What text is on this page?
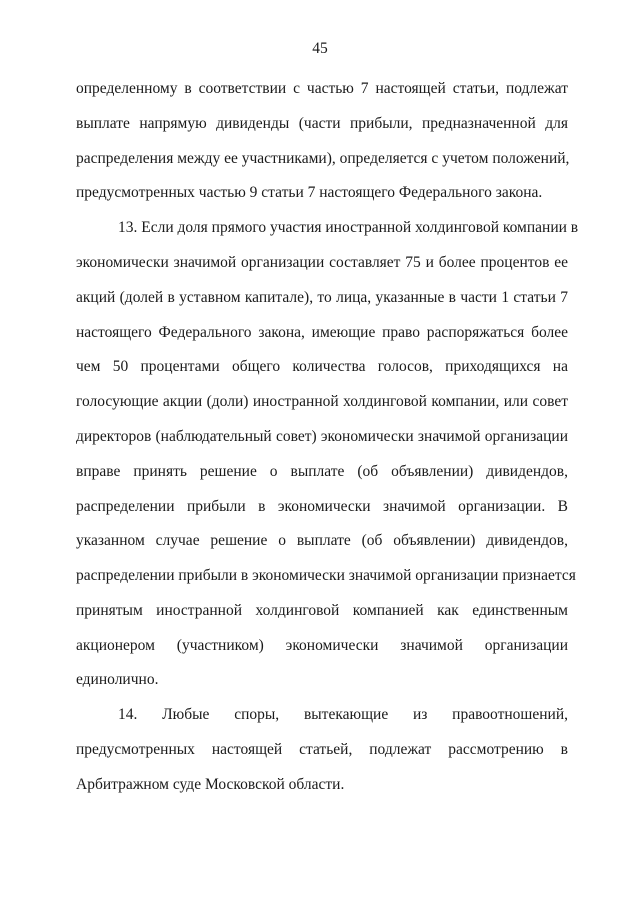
45
определенному в соответствии с частью 7 настоящей статьи, подлежат
выплате напрямую дивиденды (части прибыли, предназначенной для
распределения между ее участниками), определяется с учетом положений,
предусмотренных частью 9 статьи 7 настоящего Федерального закона.
13. Если доля прямого участия иностранной холдинговой компании в
экономически значимой организации составляет 75 и более процентов ее
акций (долей в уставном капитале), то лица, указанные в части 1 статьи 7
настоящего Федерального закона, имеющие право распоряжаться более
чем 50 процентами общего количества голосов, приходящихся на
голосующие акции (доли) иностранной холдинговой компании, или совет
директоров (наблюдательный совет) экономически значимой организации
вправе принять решение о выплате (об объявлении) дивидендов,
распределении прибыли в экономически значимой организации. В
указанном случае решение о выплате (об объявлении) дивидендов,
распределении прибыли в экономически значимой организации признается
принятым иностранной холдинговой компанией как единственным
акционером (участником) экономически значимой организации
единолично.
14. Любые споры, вытекающие из правоотношений,
предусмотренных настоящей статьей, подлежат рассмотрению в
Арбитражном суде Московской области.
